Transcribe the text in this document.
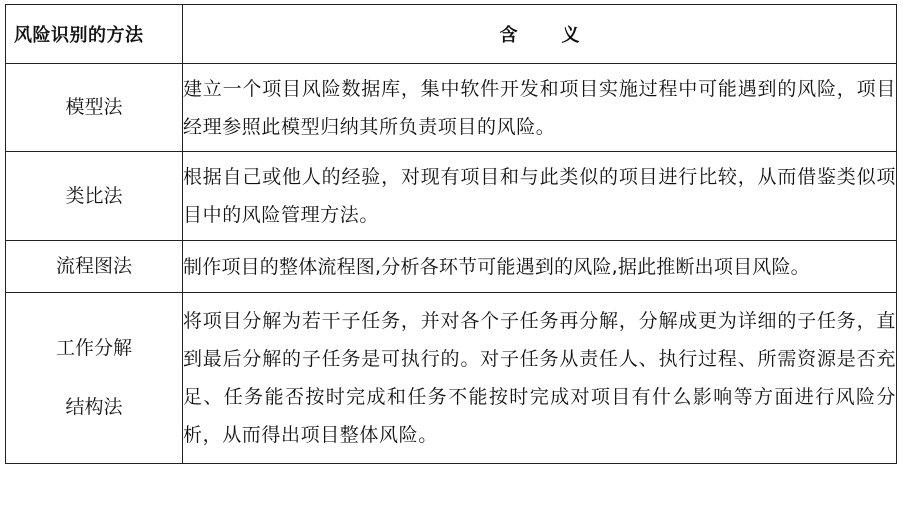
风险识别的方法	含 义
模型法	建立一个项目风险数据库，集中软件开发和项目实施过程中可能遇到的风险，项目经理参照此模型归纳其所负责项目的风险。
类比法	根据自己或他人的经验，对现有项目和与此类似的项目进行比较，从而借鉴类似项目中的风险管理方法。
流程图法	制作项目的整体流程图,分析各环节可能遇到的风险,据此推断出项目风险。

工作分解
结构法	将项目分解为若干子任务，并对各个子任务再分解，分解成更为详细的子任务，直到最后分解的子任务是可执行的。对子任务从责任人、执行过程、所需资源是否充足、任务能否按时完成和任务不能按时完成对项目有什么影响等方面进行风险分析，从而得出项目整体风险。
